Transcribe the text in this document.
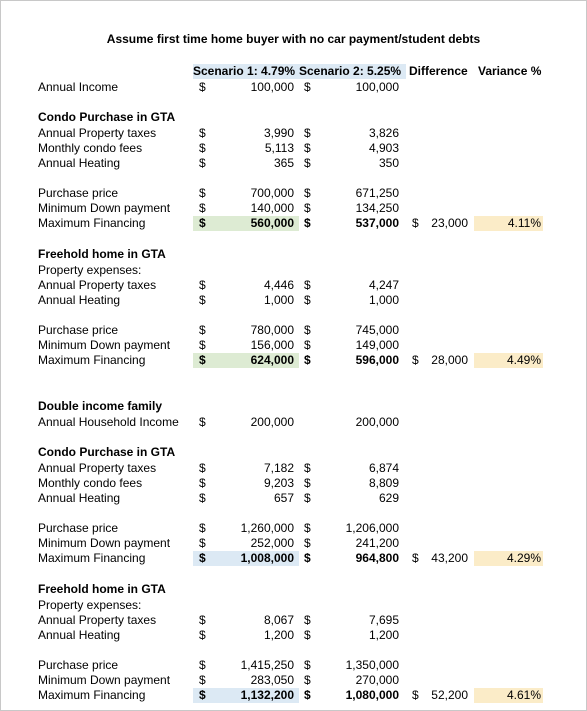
Assume first time home buyer with no car payment/student debts
Scenario 1: 4.79% Scenario 2: 5.25% Difference Variance %
Annual Income	$	100,000 $	100,000
Condo Purchase in GTA
Annual Property taxes	$	3,990 $	3,826
Monthly condo fees	$	5,113 $	4,903
Annual Heating	$	365 $	350
Purchase price	$	700,000 $	671,250
Minimum Down payment $	140,000 $	134,250
Maximum Financing	$	560,000 $	537,000 $	23,000	4.11%
Freehold home in GTA
Property expenses:
Annual Property taxes	$	4,446 $	4,247
Annual Heating	$	1,000 $	1,000
Purchase price	$	780,000 $	745,000
Minimum Down payment $	156,000 $	149,000
Maximum Financing	$	624,000 $	596,000 $	28,000	4.49%
Double income family
Annual Household Income $	200,000	200,000
Condo Purchase in GTA
Annual Property taxes	$	7,182 $	6,874
Monthly condo fees	$	9,203 $	8,809
Annual Heating	$	657 $	629
Purchase price	$	1,260,000 $	1,206,000
Minimum Down payment $	252,000 $	241,200
Maximum Financing	$	1,008,000 $	964,800 $	43,200	4.29%
Freehold home in GTA
Property expenses:
Annual Property taxes	$	8,067 $	7,695
Annual Heating	$	1,200 $	1,200
Purchase price	$	1,415,250 $	1,350,000
Minimum Down payment $	283,050 $	270,000
Maximum Financing	$	1,132,200 $	1,080,000 $	52,200	4.61%
